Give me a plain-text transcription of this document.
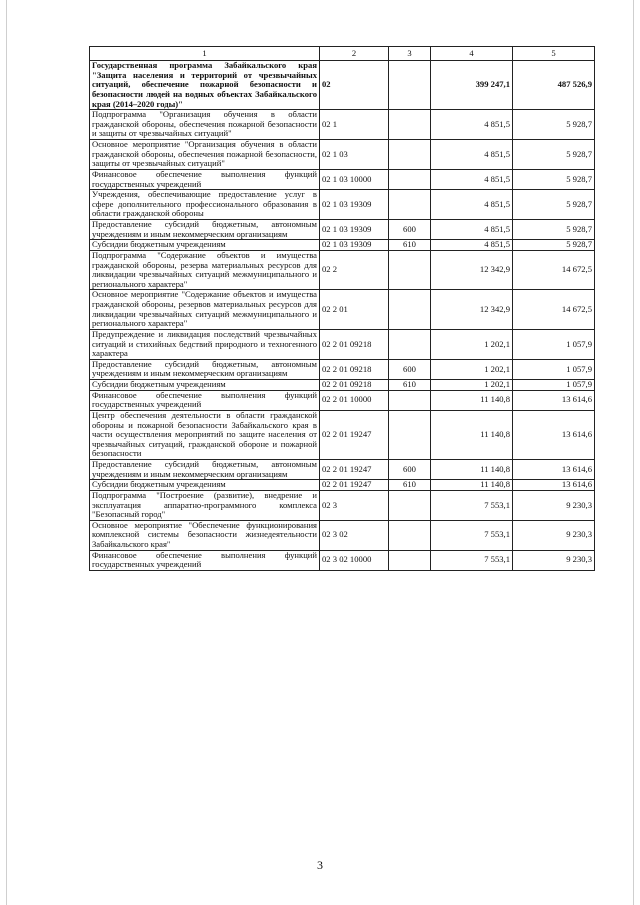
1	2	3	4	5
Государственная программа Забайкальского края "Защита населения и территорий от чрезвычайных ситуаций, обеспечение пожарной безопасности и безопасности людей на водных объектах Забайкальского края (2014–2020 годы)"	02		399 247,1	487 526,9
Подпрограмма "Организация обучения в области гражданской обороны, обеспечения пожарной безопасности и защиты от чрезвычайных ситуаций"	02 1		4 851,5	5 928,7
Основное мероприятие "Организация обучения в области гражданской обороны, обеспечения пожарной безопасности, защиты от чрезвычайных ситуаций"	02 1 03		4 851,5	5 928,7
Финансовое обеспечение выполнения функций государственных учреждений	02 1 03 10000		4 851,5	5 928,7
Учреждения, обеспечивающие предоставление услуг в сфере дополнительного профессионального образования в области гражданской обороны	02 1 03 19309		4 851,5	5 928,7
Предоставление субсидий бюджетным, автономным учреждениям и иным некоммерческим организациям	02 1 03 19309	600	4 851,5	5 928,7
Субсидии бюджетным учреждениям	02 1 03 19309	610	4 851,5	5 928,7
Подпрограмма "Содержание объектов и имущества гражданской обороны, резерва материальных ресурсов для ликвидации чрезвычайных ситуаций межмуниципального и регионального характера"	02 2		12 342,9	14 672,5
Основное мероприятие "Содержание объектов и имущества гражданской обороны, резервов материальных ресурсов для ликвидации чрезвычайных ситуаций межмуниципального и регионального характера"	02 2 01		12 342,9	14 672,5
Предупреждение и ликвидация последствий чрезвычайных ситуаций и стихийных бедствий природного и техногенного характера	02 2 01 09218		1 202,1	1 057,9
Предоставление субсидий бюджетным, автономным учреждениям и иным некоммерческим организациям	02 2 01 09218	600	1 202,1	1 057,9
Субсидии бюджетным учреждениям	02 2 01 09218	610	1 202,1	1 057,9
Финансовое обеспечение выполнения функций государственных учреждений	02 2 01 10000		11 140,8	13 614,6
Центр обеспечения деятельности в области гражданской обороны и пожарной безопасности Забайкальского края в части осуществления мероприятий по защите населения от чрезвычайных ситуаций, гражданской обороне и пожарной безопасности	02 2 01 19247		11 140,8	13 614,6
Предоставление субсидий бюджетным, автономным учреждениям и иным некоммерческим организациям	02 2 01 19247	600	11 140,8	13 614,6
Субсидии бюджетным учреждениям	02 2 01 19247	610	11 140,8	13 614,6
Подпрограмма "Построение (развитие), внедрение и эксплуатация аппаратно-программного комплекса "Безопасный город"	02 3		7 553,1	9 230,3
Основное мероприятие "Обеспечение функционирования комплексной системы безопасности жизнедеятельности Забайкальского края"	02 3 02		7 553,1	9 230,3
Финансовое обеспечение выполнения функций государственных учреждений	02 3 02 10000		7 553,1	9 230,3
3
